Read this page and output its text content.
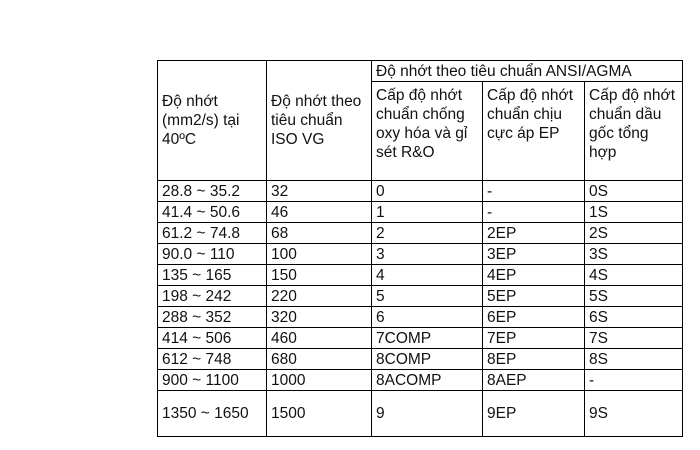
Độ nhớt (mm2/s) tại 40ºC	Độ nhớt theo tiêu chuẩn ISO VG	Độ nhớt theo tiêu chuẩn ANSI/AGMA		
		Cấp độ nhớt chuẩn chống oxy hóa và gỉ sét R&O	Cấp độ nhớt chuẩn chịu cực áp EP	Cấp độ nhớt chuẩn dầu gốc tổng hợp
28.8 ~ 35.2	32	0	-	0S
41.4 ~ 50.6	46	1	-	1S
61.2 ~ 74.8	68	2	2EP	2S
90.0 ~ 110	100	3	3EP	3S
135 ~ 165	150	4	4EP	4S
198 ~ 242	220	5	5EP	5S
288 ~ 352	320	6	6EP	6S
414 ~ 506	460	7COMP	7EP	7S
612 ~ 748	680	8COMP	8EP	8S
900 ~ 1100	1000	8ACOMP	8AEP	-
1350 ~ 1650	1500	9	9EP	9S
